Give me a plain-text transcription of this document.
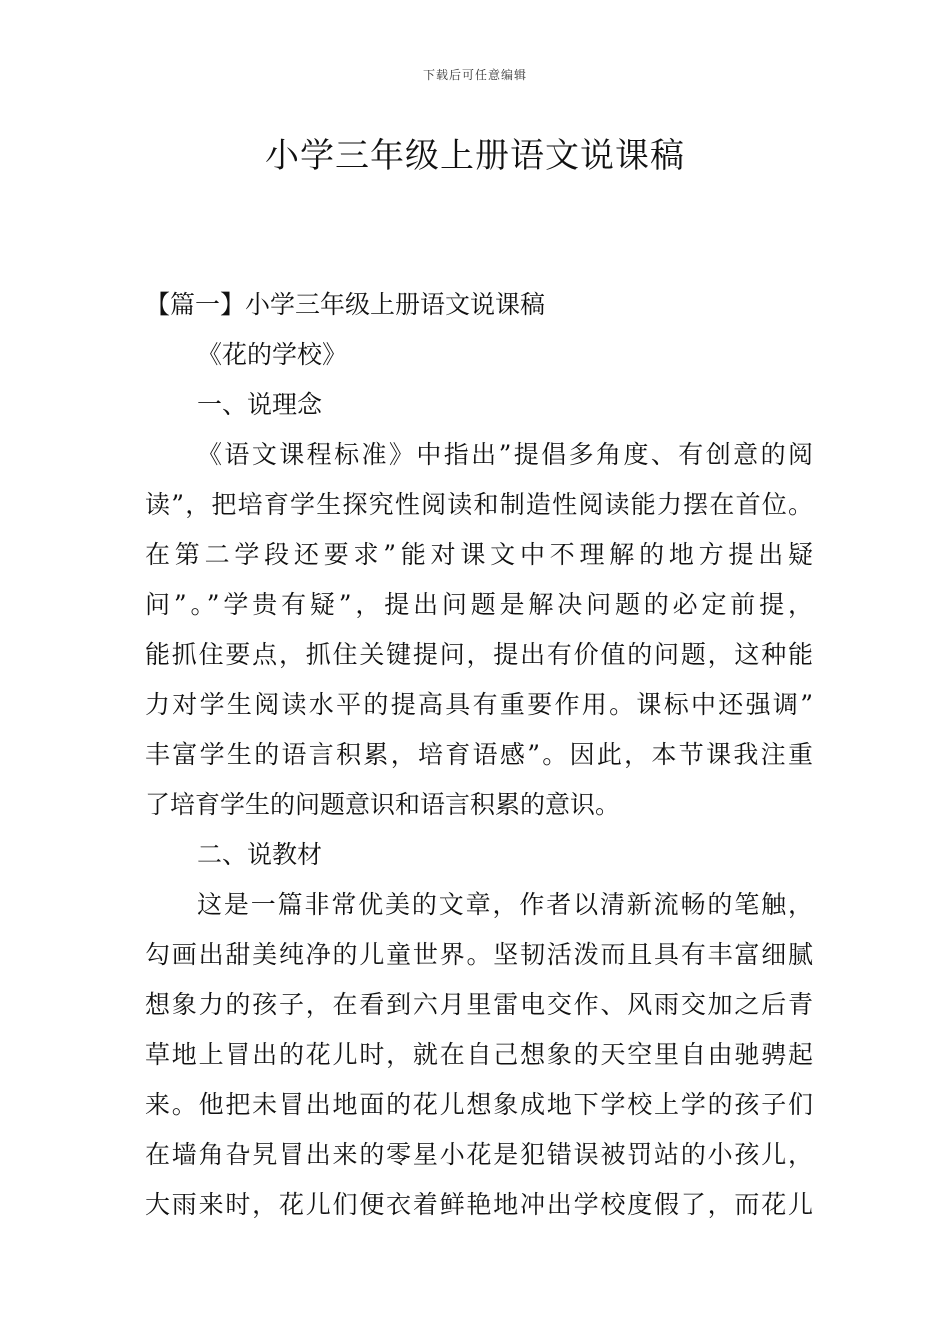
下载后可任意编辑
小学三年级上册语文说课稿
【篇一】小学三年级上册语文说课稿
《花的学校》
一、说理念
《语文课程标准》中指出”提倡多角度、有创意的阅
读”，把培育学生探究性阅读和制造性阅读能力摆在首位。
在第二学段还要求”能对课文中不理解的地方提出疑
问”。”学贵有疑”，提出问题是解决问题的必定前提，
能抓住要点，抓住关键提问，提出有价值的问题，这种能
力对学生阅读水平的提高具有重要作用。课标中还强调”
丰富学生的语言积累，培育语感”。因此，本节课我注重
了培育学生的问题意识和语言积累的意识。
二、说教材
这是一篇非常优美的文章，作者以清新流畅的笔触，
勾画出甜美纯净的儿童世界。坚韧活泼而且具有丰富细腻
想象力的孩子，在看到六月里雷电交作、风雨交加之后青
草地上冒出的花儿时，就在自己想象的天空里自由驰骋起
来。他把未冒出地面的花儿想象成地下学校上学的孩子们
在墙角旮旯冒出来的零星小花是犯错误被罚站的小孩儿，
大雨来时，花儿们便衣着鲜艳地冲出学校度假了，而花儿
